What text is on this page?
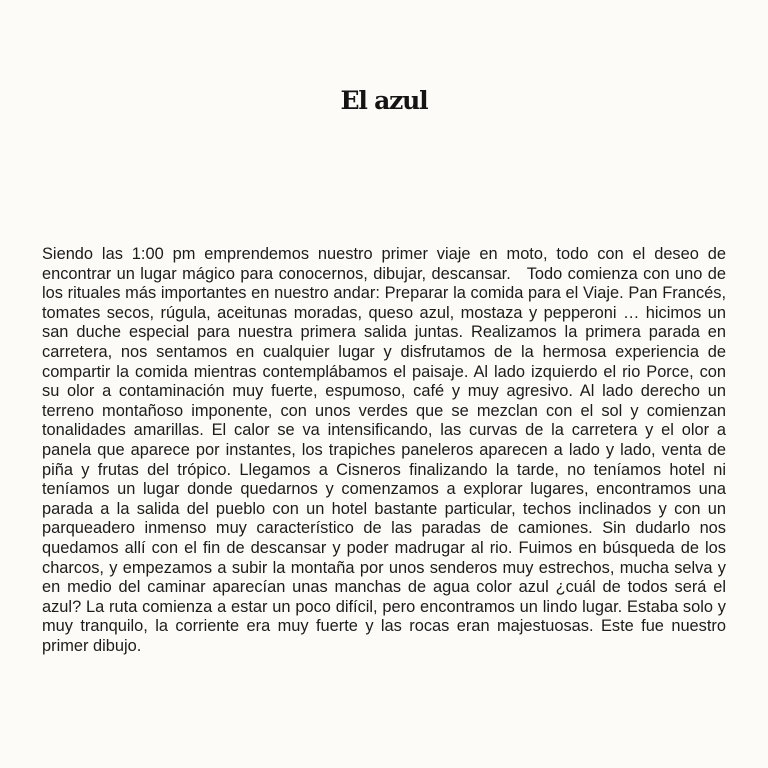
El azul

Siendo las 1:00 pm emprendemos nuestro primer viaje en moto, todo con el deseo de encontrar un lugar mágico para conocernos, dibujar, descansar.   Todo comienza con uno de los rituales más importantes en nuestro andar: Preparar la comida para el Viaje. Pan Francés, tomates secos, rúgula, aceitunas moradas, queso azul, mostaza y pepperoni … hicimos un san duche especial para nuestra primera salida juntas. Realizamos la primera parada en carretera, nos sentamos en cualquier lugar y disfrutamos de la hermosa experiencia de compartir la comida mientras contemplábamos el paisaje. Al lado izquierdo el rio Porce, con su olor a contaminación muy fuerte, espumoso, café y muy agresivo. Al lado derecho un terreno montañoso imponente, con unos verdes que se mezclan con el sol y comienzan tonalidades amarillas. El calor se va intensificando, las curvas de la carretera y el olor a panela que aparece por instantes, los trapiches paneleros aparecen a lado y lado, venta de piña y frutas del trópico. Llegamos a Cisneros finalizando la tarde, no teníamos hotel ni teníamos un lugar donde quedarnos y comenzamos a explorar lugares, encontramos una parada a la salida del pueblo con un hotel bastante particular, techos inclinados y con un parqueadero inmenso muy característico de las paradas de camiones. Sin dudarlo nos quedamos allí con el fin de descansar y poder madrugar al rio. Fuimos en búsqueda de los charcos, y empezamos a subir la montaña por unos senderos muy estrechos, mucha selva y en medio del caminar aparecían unas manchas de agua color azul ¿cuál de todos será el azul? La ruta comienza a estar un poco difícil, pero encontramos un lindo lugar. Estaba solo y muy tranquilo, la corriente era muy fuerte y las rocas eran majestuosas. Este fue nuestro primer dibujo.
